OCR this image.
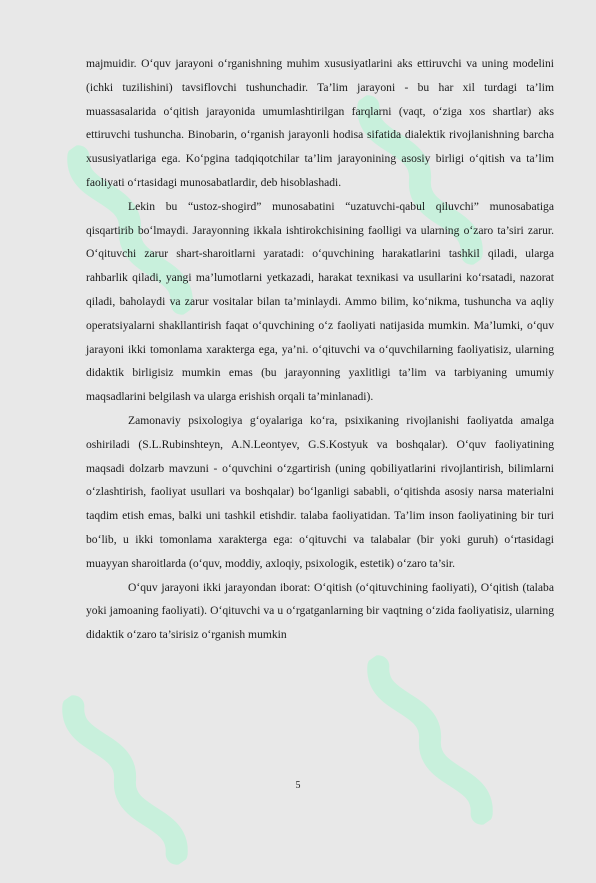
majmuidir. O‘quv jarayoni o‘rganishning muhim xususiyatlarini aks ettiruvchi va uning modelini (ichki tuzilishini) tavsiflovchi tushunchadir. Ta’lim jarayoni - bu har xil turdagi ta’lim muassasalarida o‘qitish jarayonida umumlashtirilgan farqlarni (vaqt, o‘ziga xos shartlar) aks ettiruvchi tushuncha. Binobarin, o‘rganish jarayonli hodisa sifatida dialektik rivojlanishning barcha xususiyatlariga ega. Ko‘pgina tadqiqotchilar ta’lim jarayonining asosiy birligi o‘qitish va ta’lim faoliyati o‘rtasidagi munosabatlardir, deb hisoblashadi.

Lekin bu “ustoz-shogird” munosabatini “uzatuvchi-qabul qiluvchi” munosabatiga qisqartirib bo‘lmaydi. Jarayonning ikkala ishtirokchisining faolligi va ularning o‘zaro ta’siri zarur. O‘qituvchi zarur shart-sharoitlarni yaratadi: o‘quvchining harakatlarini tashkil qiladi, ularga rahbarlik qiladi, yangi ma’lumotlarni yetkazadi, harakat texnikasi va usullarini ko‘rsatadi, nazorat qiladi, baholaydi va zarur vositalar bilan ta’minlaydi. Ammo bilim, ko‘nikma, tushuncha va aqliy operatsiyalarni shakllantirish faqat o‘quvchining o‘z faoliyati natijasida mumkin. Ma’lumki, o‘quv jarayoni ikki tomonlama xarakterga ega, ya’ni. o‘qituvchi va o‘quvchilarning faoliyatisiz, ularning didaktik birligisiz mumkin emas (bu jarayonning yaxlitligi ta’lim va tarbiyaning umumiy maqsadlarini belgilash va ularga erishish orqali ta’minlanadi).

Zamonaviy psixologiya g‘oyalariga ko‘ra, psixikaning rivojlanishi faoliyatda amalga oshiriladi (S.L.Rubinshteyn, A.N.Leontyev, G.S.Kostyuk va boshqalar). O‘quv faoliyatining maqsadi dolzarb mavzuni - o‘quvchini o‘zgartirish (uning qobiliyatlarini rivojlantirish, bilimlarni o‘zlashtirish, faoliyat usullari va boshqalar) bo‘lganligi sababli, o‘qitishda asosiy narsa materialni taqdim etish emas, balki uni tashkil etishdir. talaba faoliyatidan. Ta’lim inson faoliyatining bir turi bo‘lib, u ikki tomonlama xarakterga ega: o‘qituvchi va talabalar (bir yoki guruh) o‘rtasidagi muayyan sharoitlarda (o‘quv, moddiy, axloqiy, psixologik, estetik) o‘zaro ta’sir.

O‘quv jarayoni ikki jarayondan iborat: O‘qitish (o‘qituvchining faoliyati), O‘qitish (talaba yoki jamoaning faoliyati). O‘qituvchi va u o‘rgatganlarning bir vaqtning o‘zida faoliyatisiz, ularning didaktik o‘zaro ta’sirisiz o‘rganish mumkin

5
